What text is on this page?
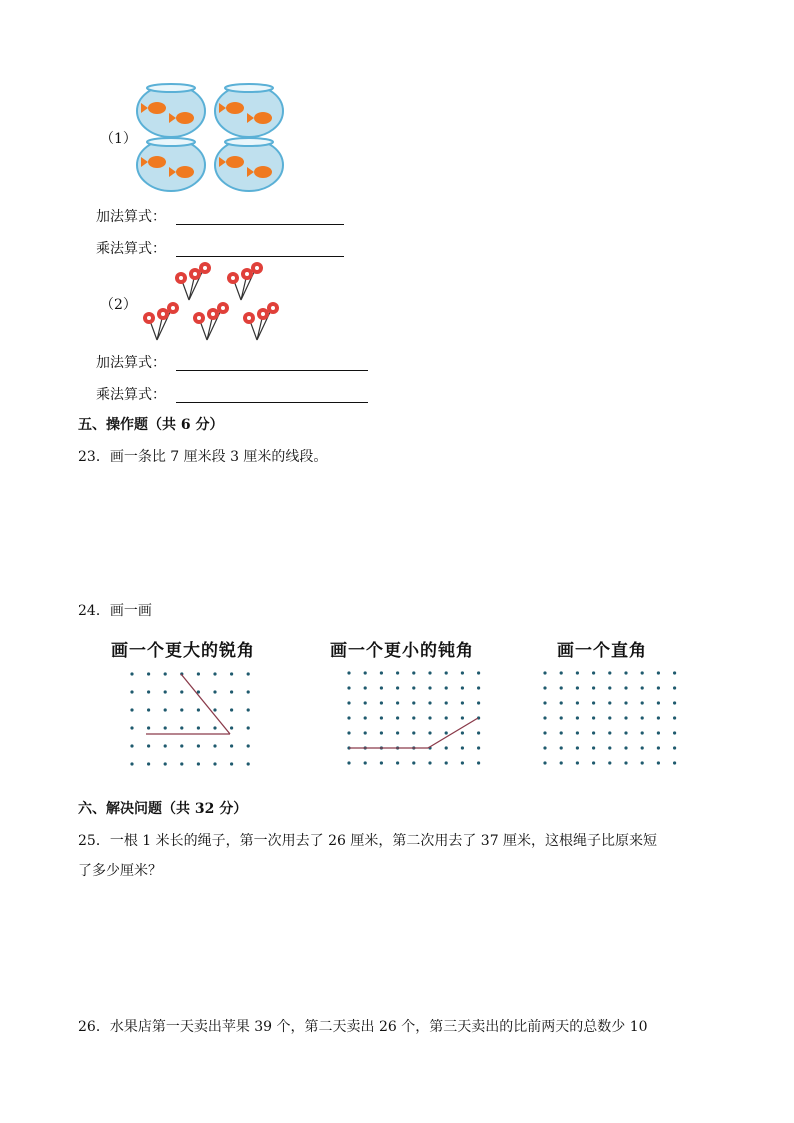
（1）
加法算式：
乘法算式：
（2）
加法算式：
乘法算式：
五、操作题（共 6 分）
23．画一条比 7 厘米段 3 厘米的线段。
24．画一画
画一个更大的锐角	画一个更小的钝角	画一个直角
六、解决问题（共 32 分）
25．一根 1 米长的绳子，第一次用去了 26 厘米，第二次用去了 37 厘米，这根绳子比原来短
了多少厘米？
26．水果店第一天卖出苹果 39 个，第二天卖出 26 个，第三天卖出的比前两天的总数少 10
